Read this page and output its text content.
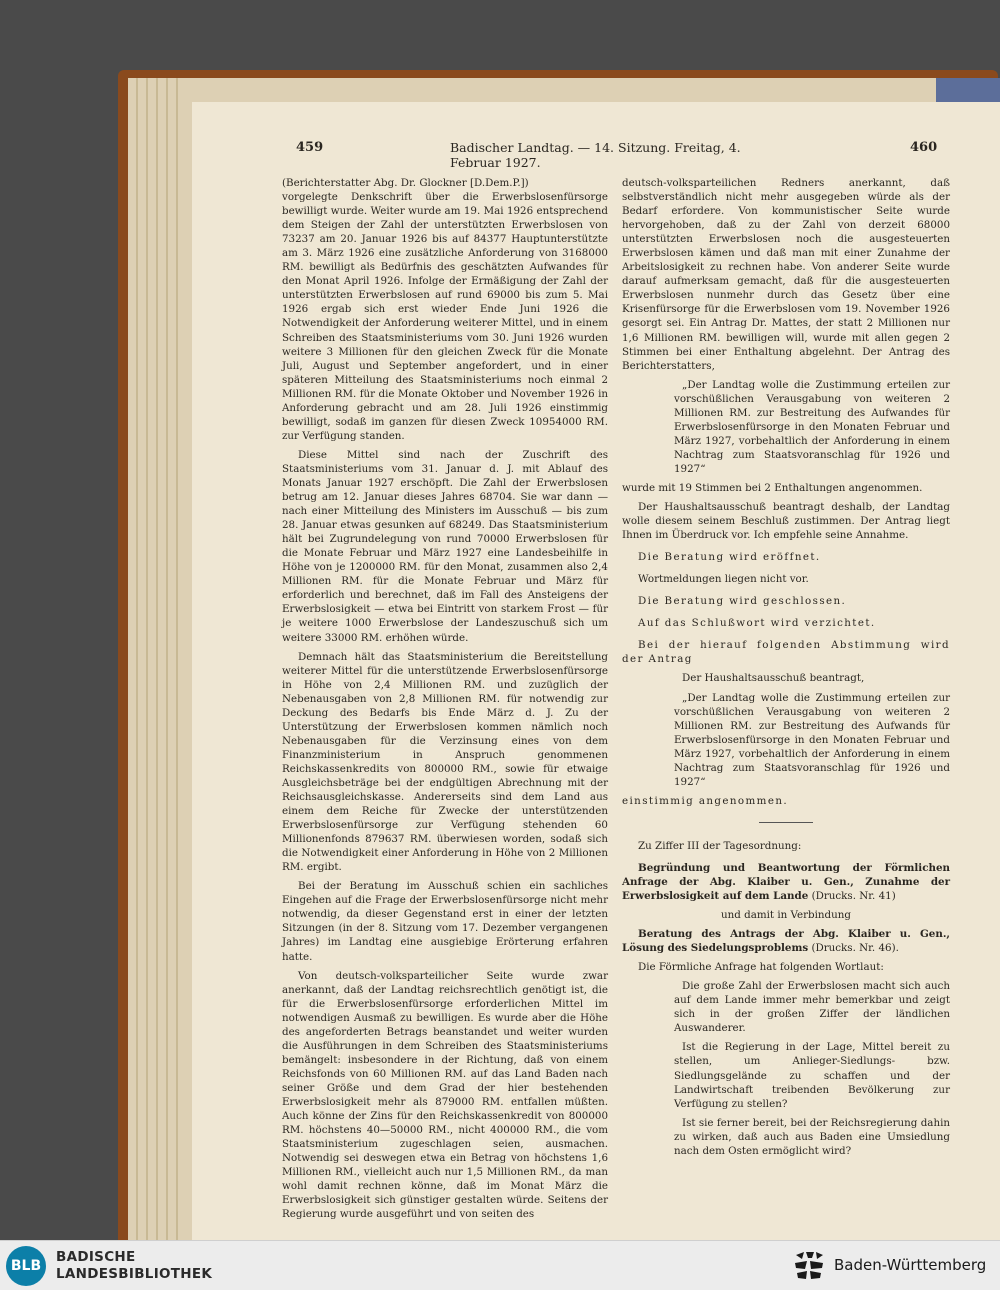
459	Badischer Landtag. — 14. Sitzung. Freitag, 4. Februar 1927.
460

(Berichterstatter Abg. Dr. Glockner [D.Dem.P.])

vorgelegte Denkschrift über die Erwerbslosenfürsorge bewilligt wurde. Weiter wurde am 19. Mai 1926 entsprechend dem Steigen der Zahl der unterstützten Erwerbslosen von 73237 am 20. Januar 1926 bis auf 84377 Hauptunterstützte am 3. März 1926 eine zusätzliche Anforderung von 3168000 RM. bewilligt als Bedürfnis des geschätzten Aufwandes für den Monat April 1926. Infolge der Ermäßigung der Zahl der unterstützten Erwerbslosen auf rund 69000 bis zum 5. Mai 1926 ergab sich erst wieder Ende Juni 1926 die Notwendigkeit der Anforderung weiterer Mittel, und in einem Schreiben des Staatsministeriums vom 30. Juni 1926 wurden weitere 3 Millionen für den gleichen Zweck für die Monate Juli, August und September angefordert, und in einer späteren Mitteilung des Staatsministeriums noch einmal 2 Millionen RM. für die Monate Oktober und November 1926 in Anforderung gebracht und am 28. Juli 1926 einstimmig bewilligt, sodaß im ganzen für diesen Zweck 10954000 RM. zur Verfügung standen.

Diese Mittel sind nach der Zuschrift des Staatsministeriums vom 31. Januar d. J. mit Ablauf des Monats Januar 1927 erschöpft. Die Zahl der Erwerbslosen betrug am 12. Januar dieses Jahres 68704. Sie war dann — nach einer Mitteilung des Ministers im Ausschuß — bis zum 28. Januar etwas gesunken auf 68249. Das Staatsministerium hält bei Zugrundelegung von rund 70000 Erwerbslosen für die Monate Februar und März 1927 eine Landesbeihilfe in Höhe von je 1200000 RM. für den Monat, zusammen also 2,4 Millionen RM. für die Monate Februar und März für erforderlich und berechnet, daß im Fall des Ansteigens der Erwerbslosigkeit — etwa bei Eintritt von starkem Frost — für je weitere 1000 Erwerbslose der Landeszuschuß sich um weitere 33000 RM. erhöhen würde.

Demnach hält das Staatsministerium die Bereitstellung weiterer Mittel für die unterstützende Erwerbslosenfürsorge in Höhe von 2,4 Millionen RM. und zuzüglich der Nebenausgaben von 2,8 Millionen RM. für notwendig zur Deckung des Bedarfs bis Ende März d. J. Zu der Unterstützung der Erwerbslosen kommen nämlich noch Nebenausgaben für die Verzinsung eines von dem Finanzministerium in Anspruch genommenen Reichskassenkredits von 800000 RM., sowie für etwaige Ausgleichsbeträge bei der endgültigen Abrechnung mit der Reichsausgleichskasse. Andererseits sind dem Land aus einem dem Reiche für Zwecke der unterstützenden Erwerbslosenfürsorge zur Verfügung stehenden 60 Millionenfonds 879637 RM. überwiesen worden, sodaß sich die Notwendigkeit einer Anforderung in Höhe von 2 Millionen RM. ergibt.

Bei der Beratung im Ausschuß schien ein sachliches Eingehen auf die Frage der Erwerbslosenfürsorge nicht mehr notwendig, da dieser Gegenstand erst in einer der letzten Sitzungen (in der 8. Sitzung vom 17. Dezember vergangenen Jahres) im Landtag eine ausgiebige Erörterung erfahren hatte.

Von deutsch-volksparteilicher Seite wurde zwar anerkannt, daß der Landtag reichsrechtlich genötigt ist, die für die Erwerbslosenfürsorge erforderlichen Mittel im notwendigen Ausmaß zu bewilligen. Es wurde aber die Höhe des angeforderten Betrags beanstandet und weiter wurden die Ausführungen in dem Schreiben des Staatsministeriums bemängelt: insbesondere in der Richtung, daß von einem Reichsfonds von 60 Millionen RM. auf das Land Baden nach seiner Größe und dem Grad der hier bestehenden Erwerbslosigkeit mehr als 879000 RM. entfallen müßten. Auch könne der Zins für den Reichskassenkredit von 800000 RM. höchstens 40—50000 RM., nicht 400000 RM., die vom Staatsministerium zugeschlagen seien, ausmachen. Notwendig sei deswegen etwa ein Betrag von höchstens 1,6 Millionen RM., vielleicht auch nur 1,5 Millionen RM., da man wohl damit rechnen könne, daß im Monat März die Erwerbslosigkeit sich günstiger gestalten würde. Seitens der Regierung wurde ausgeführt und von seiten des

deutsch-volksparteilichen Redners anerkannt, daß selbstverständlich nicht mehr ausgegeben würde als der Bedarf erfordere. Von kommunistischer Seite wurde hervorgehoben, daß zu der Zahl von derzeit 68000 unterstützten Erwerbslosen noch die ausgesteuerten Erwerbslosen kämen und daß man mit einer Zunahme der Arbeitslosigkeit zu rechnen habe. Von anderer Seite wurde darauf aufmerksam gemacht, daß für die ausgesteuerten Erwerbslosen nunmehr durch das Gesetz über eine Krisenfürsorge für die Erwerbslosen vom 19. November 1926 gesorgt sei. Ein Antrag Dr. Mattes, der statt 2 Millionen nur 1,6 Millionen RM. bewilligen will, wurde mit allen gegen 2 Stimmen bei einer Enthaltung abgelehnt. Der Antrag des Berichterstatters,

„Der Landtag wolle die Zustimmung erteilen zur vorschüßlichen Verausgabung von weiteren 2 Millionen RM. zur Bestreitung des Aufwandes für Erwerbslosenfürsorge in den Monaten Februar und März 1927, vorbehaltlich der Anforderung in einem Nachtrag zum Staatsvoranschlag für 1926 und 1927“

wurde mit 19 Stimmen bei 2 Enthaltungen angenommen.

Der Haushaltsausschuß beantragt deshalb, der Landtag wolle diesem seinem Beschluß zustimmen. Der Antrag liegt Ihnen im Überdruck vor. Ich empfehle seine Annahme.

Die Beratung wird eröffnet.

Wortmeldungen liegen nicht vor.

Die Beratung wird geschlossen.

Auf das Schlußwort wird verzichtet.

Bei der hierauf folgenden Abstimmung wird der Antrag

Der Haushaltsausschuß beantragt,

„Der Landtag wolle die Zustimmung erteilen zur vorschüßlichen Verausgabung von weiteren 2 Millionen RM. zur Bestreitung des Aufwands für Erwerbslosenfürsorge in den Monaten Februar und März 1927, vorbehaltlich der Anforderung in einem Nachtrag zum Staatsvoranschlag für 1926 und 1927“

einstimmig angenommen.

Zu Ziffer III der Tagesordnung:

Begründung und Beantwortung der Förmlichen Anfrage der Abg. Klaiber u. Gen., Zunahme der Erwerbslosigkeit auf dem Lande (Drucks. Nr. 41)

und damit in Verbindung

Beratung des Antrags der Abg. Klaiber u. Gen., Lösung des Siedelungsproblems (Drucks. Nr. 46).

Die Förmliche Anfrage hat folgenden Wortlaut:

Die große Zahl der Erwerbslosen macht sich auch auf dem Lande immer mehr bemerkbar und zeigt sich in der großen Ziffer der ländlichen Auswanderer.

Ist die Regierung in der Lage, Mittel bereit zu stellen, um Anlieger-Siedlungs- bzw. Siedlungsgelände zu schaffen und der Landwirtschaft treibenden Bevölkerung zur Verfügung zu stellen?

Ist sie ferner bereit, bei der Reichsregierung dahin zu wirken, daß auch aus Baden eine Umsiedlung nach dem Osten ermöglicht wird?

BLB
BADISCHE
LANDESBIBLIOTHEK	Baden-Württemberg
